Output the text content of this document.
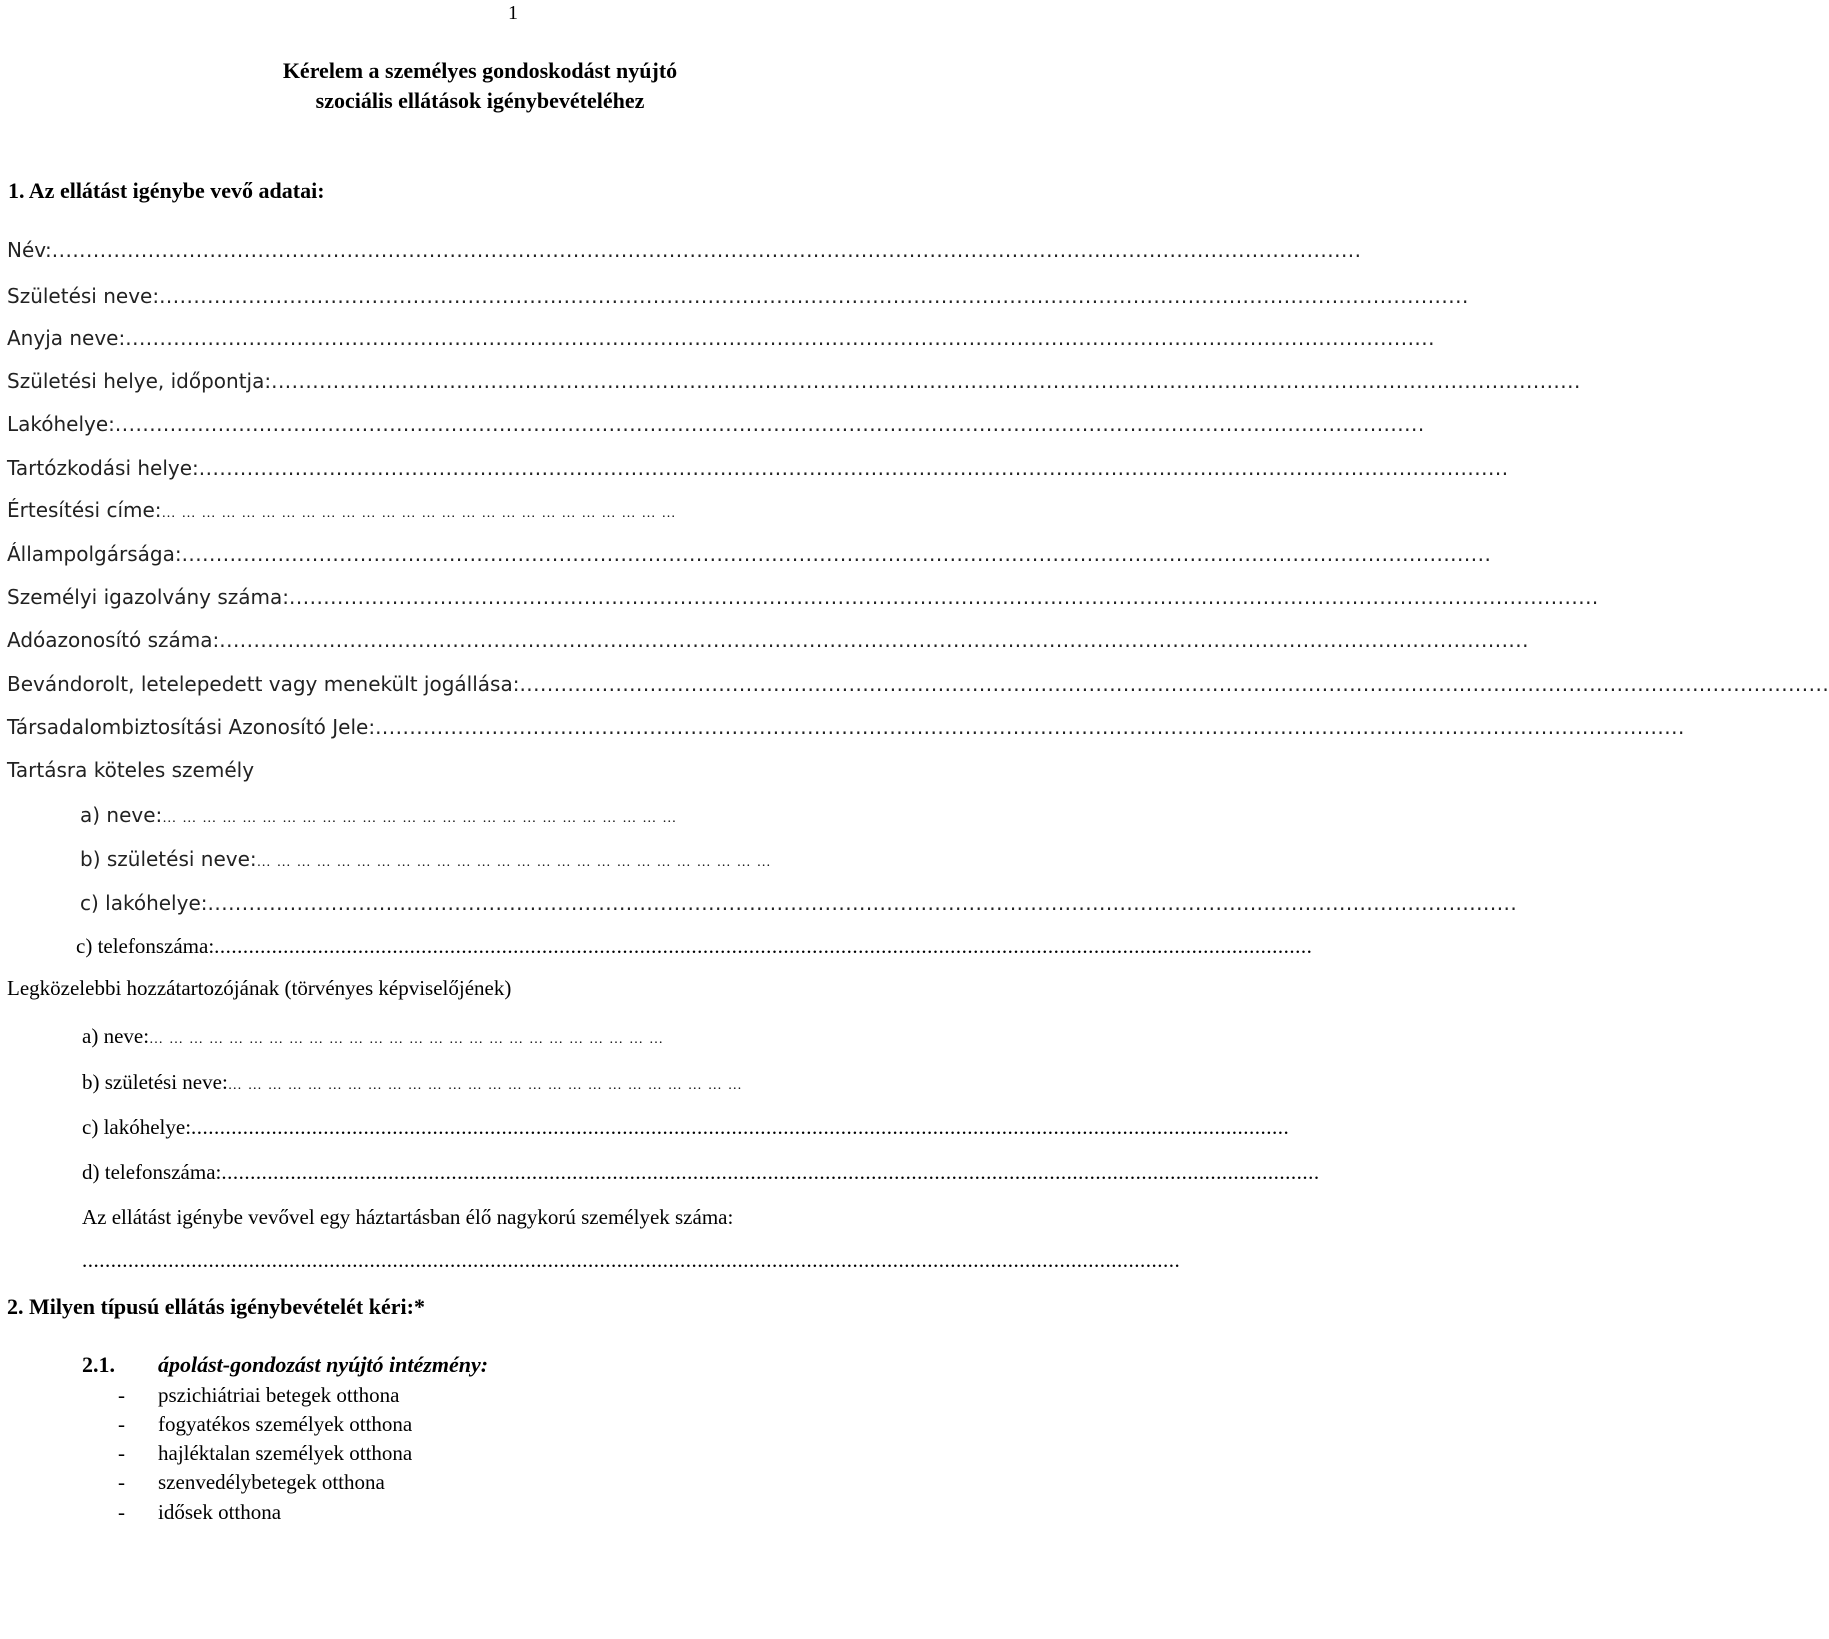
1
Kérelem a személyes gondoskodást nyújtó
szociális ellátások igénybevételéhez
1. Az ellátást igénybe vevő adatai:
Név: ...............................................................................................................................................................................................
Születési neve: ...............................................................................................................................................................................................
Anyja neve: ...............................................................................................................................................................................................
Születési helye, időpontja: ...............................................................................................................................................................................................
Lakóhelye: ...............................................................................................................................................................................................
Tartózkodási helye: ...............................................................................................................................................................................................
Értesítési címe: ……………………………………………………………………
Állampolgársága: ...............................................................................................................................................................................................
Személyi igazolvány száma: ...............................................................................................................................................................................................
Adóazonosító száma: ...............................................................................................................................................................................................
Bevándorolt, letelepedett vagy menekült jogállása: ...............................................................................................................................................................................................
Társadalombiztosítási Azonosító Jele: ...............................................................................................................................................................................................
Tartásra köteles személy
a) neve: ……………………………………………………………………
b) születési neve: ……………………………………………………………………
c) lakóhelye: ...............................................................................................................................................................................................
c) telefonszáma: ...............................................................................................................................................................................................
Legközelebbi hozzátartozójának (törvényes képviselőjének)
a) neve: ……………………………………………………………………
b) születési neve: ……………………………………………………………………
c) lakóhelye: ...............................................................................................................................................................................................
d) telefonszáma: ...............................................................................................................................................................................................
Az ellátást igénybe vevővel egy háztartásban élő nagykorú személyek száma:
...............................................................................................................................................................................................
2. Milyen típusú ellátás igénybevételét kéri:*
2.1. ápolást-gondozást nyújtó intézmény:
- pszichiátriai betegek otthona
- fogyatékos személyek otthona
- hajléktalan személyek otthona
- szenvedélybetegek otthona
- idősek otthona
